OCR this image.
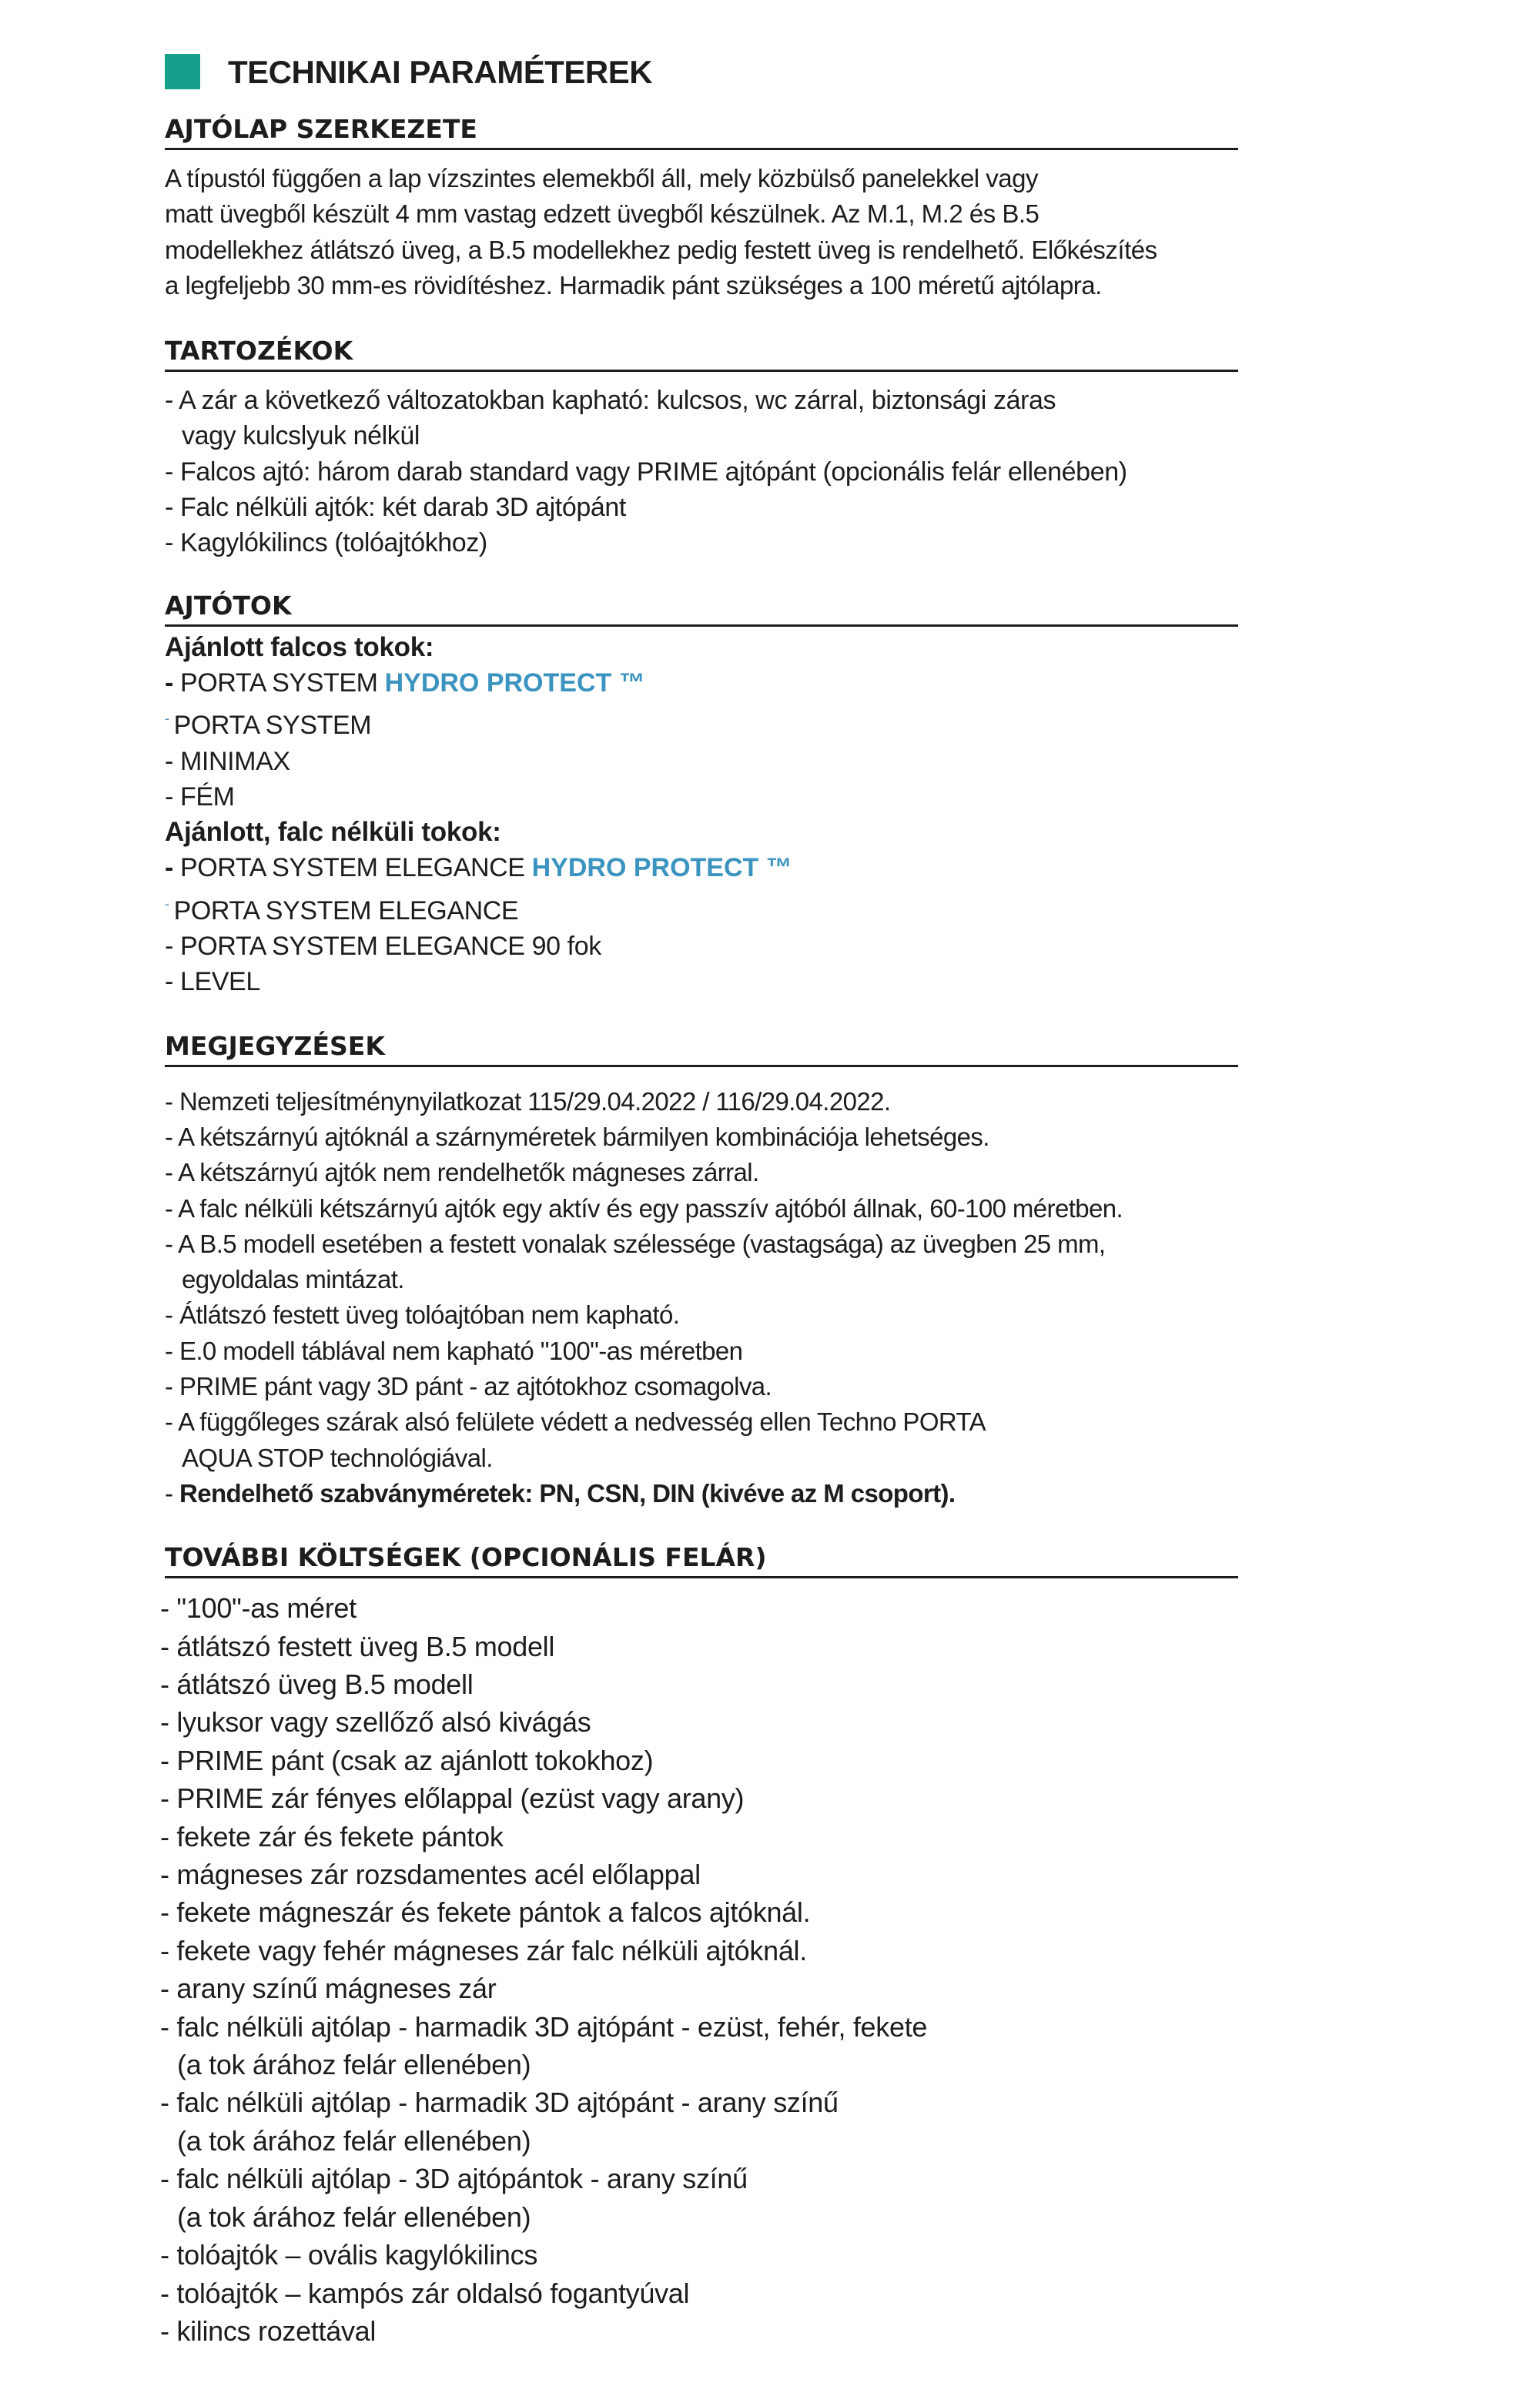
TECHNIKAI PARAMÉTEREK
AJTÓLAP SZERKEZETE

A típustól függően a lap vízszintes elemekből áll, mely közbülső panelekkel vagy
matt üvegből készült 4 mm vastag edzett üvegből készülnek. Az M.1, M.2 és B.5
modellekhez átlátszó üveg, a B.5 modellekhez pedig festett üveg is rendelhető. Előkészítés
a legfeljebb 30 mm-es rövidítéshez. Harmadik pánt szükséges a 100 méretű ajtólapra.

TARTOZÉKOK
- A zár a következő változatokban kapható: kulcsos, wc zárral, biztonsági záras
vagy kulcslyuk nélkül
- Falcos ajtó: három darab standard vagy PRIME ajtópánt (opcionális felár ellenében)
- Falc nélküli ajtók: két darab 3D ajtópánt
- Kagylókilincs (tolóajtókhoz)
AJTÓTOK
Ajánlott falcos tokok:
- PORTA SYSTEM HYDRO PROTECT ™
- PORTA SYSTEM
- MINIMAX
- FÉM
Ajánlott, falc nélküli tokok:
- PORTA SYSTEM ELEGANCE HYDRO PROTECT ™
- PORTA SYSTEM ELEGANCE
- PORTA SYSTEM ELEGANCE 90 fok
- LEVEL
MEGJEGYZÉSEK
- Nemzeti teljesítménynyilatkozat 115/29.04.2022 / 116/29.04.2022.
- A kétszárnyú ajtóknál a szárnyméretek bármilyen kombinációja lehetséges.
- A kétszárnyú ajtók nem rendelhetők mágneses zárral.
- A falc nélküli kétszárnyú ajtók egy aktív és egy passzív ajtóból állnak, 60-100 méretben.
- A B.5 modell esetében a festett vonalak szélessége (vastagsága) az üvegben 25 mm,
egyoldalas mintázat.
- Átlátszó festett üveg tolóajtóban nem kapható.
- E.0 modell táblával nem kapható "100"-as méretben
- PRIME pánt vagy 3D pánt - az ajtótokhoz csomagolva.
- A függőleges szárak alsó felülete védett a nedvesség ellen Techno PORTA
AQUA STOP technológiával.
- Rendelhető szabványméretek: PN, CSN, DIN (kivéve az M csoport).
TOVÁBBI KÖLTSÉGEK (OPCIONÁLIS FELÁR)
- "100"-as méret
- átlátszó festett üveg B.5 modell
- átlátszó üveg B.5 modell
- lyuksor vagy szellőző alsó kivágás
- PRIME pánt (csak az ajánlott tokokhoz)
- PRIME zár fényes előlappal (ezüst vagy arany)
- fekete zár és fekete pántok
- mágneses zár rozsdamentes acél előlappal
- fekete mágneszár és fekete pántok a falcos ajtóknál.
- fekete vagy fehér mágneses zár falc nélküli ajtóknál.
- arany színű mágneses zár
- falc nélküli ajtólap - harmadik 3D ajtópánt - ezüst, fehér, fekete
(a tok árához felár ellenében)
- falc nélküli ajtólap - harmadik 3D ajtópánt - arany színű
(a tok árához felár ellenében)
- falc nélküli ajtólap - 3D ajtópántok - arany színű
(a tok árához felár ellenében)
- tolóajtók – ovális kagylókilincs
- tolóajtók – kampós zár oldalsó fogantyúval
- kilincs rozettával
